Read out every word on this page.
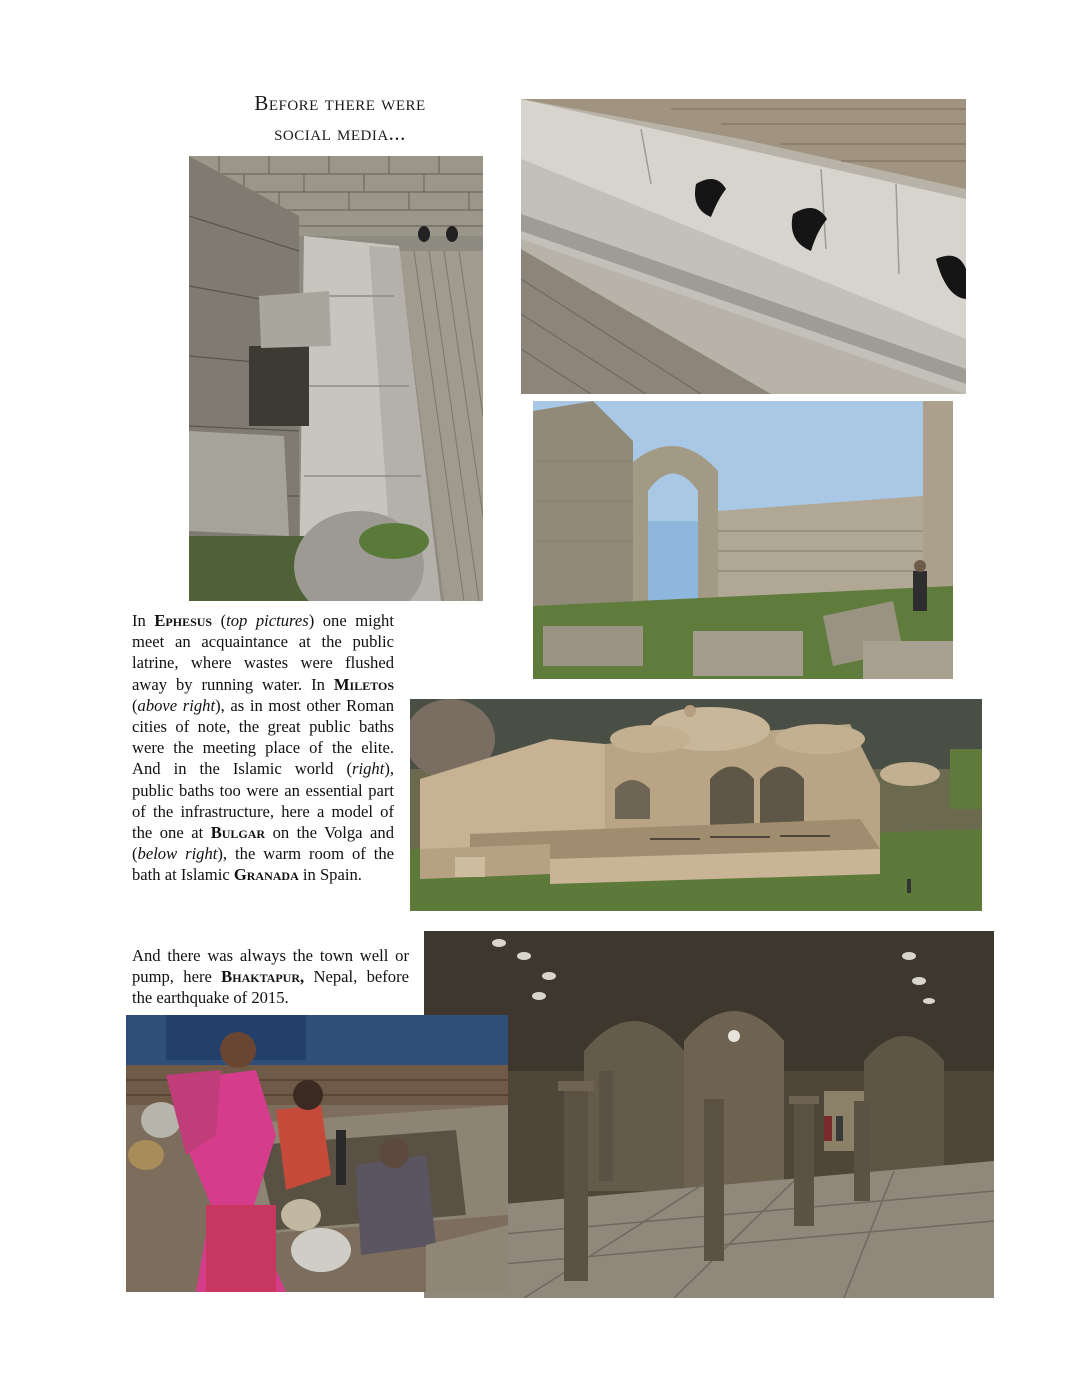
Before there were
social media...

In Ephesus (top pictures) one might meet an acquaintance at the public latrine, where wastes were flushed away by running water. In Miletos (above right), as in most other Roman cities of note, the great public baths were the meeting place of the elite. And in the Islamic world (right), public baths too were an essential part of the infrastructure, here a model of the one at Bulgar on the Volga and (below right), the warm room of the bath at Islamic Granada in Spain.

And there was always the town well or pump, here Bhaktapur, Nepal, before the earthquake of 2015.
